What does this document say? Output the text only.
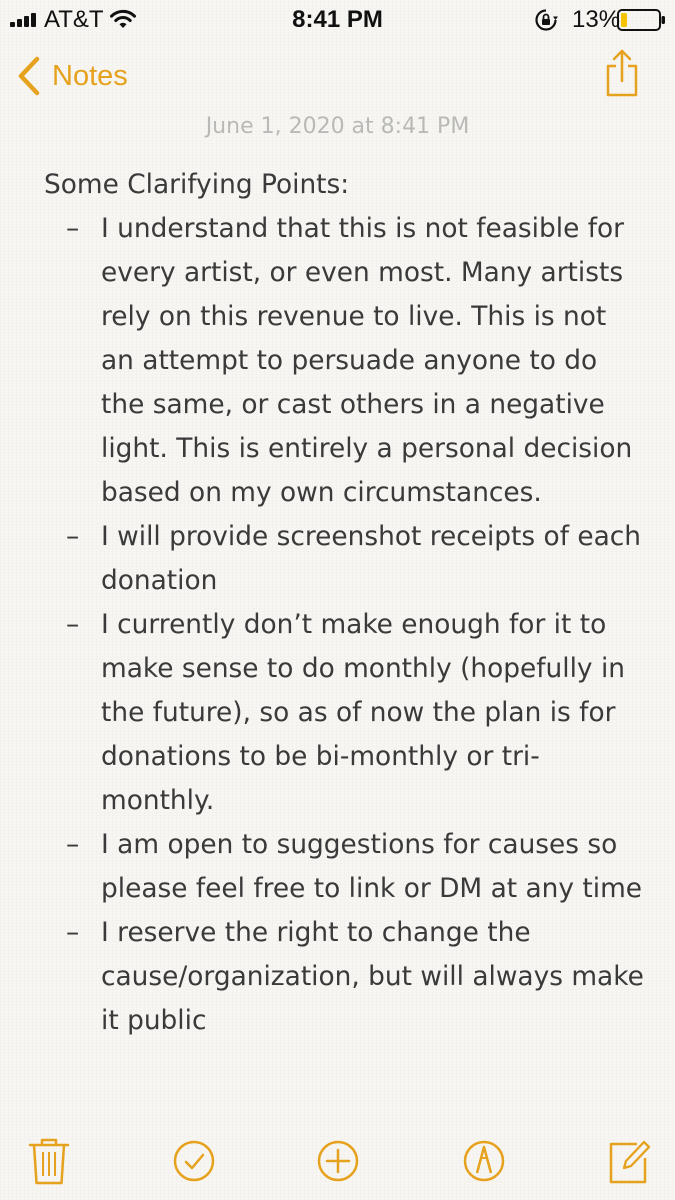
AT&T	8:41 PM	13%
Notes
June 1, 2020 at 8:41 PM
Some Clarifying Points:
– I understand that this is not feasible for every artist, or even most. Many artists rely on this revenue to live. This is not an attempt to persuade anyone to do the same, or cast others in a negative light. This is entirely a personal decision based on my own circumstances.
– I will provide screenshot receipts of each donation
– I currently don’t make enough for it to make sense to do monthly (hopefully in the future), so as of now the plan is for donations to be bi-monthly or tri-monthly.
– I am open to suggestions for causes so please feel free to link or DM at any time
– I reserve the right to change the cause/organization, but will always make it public
